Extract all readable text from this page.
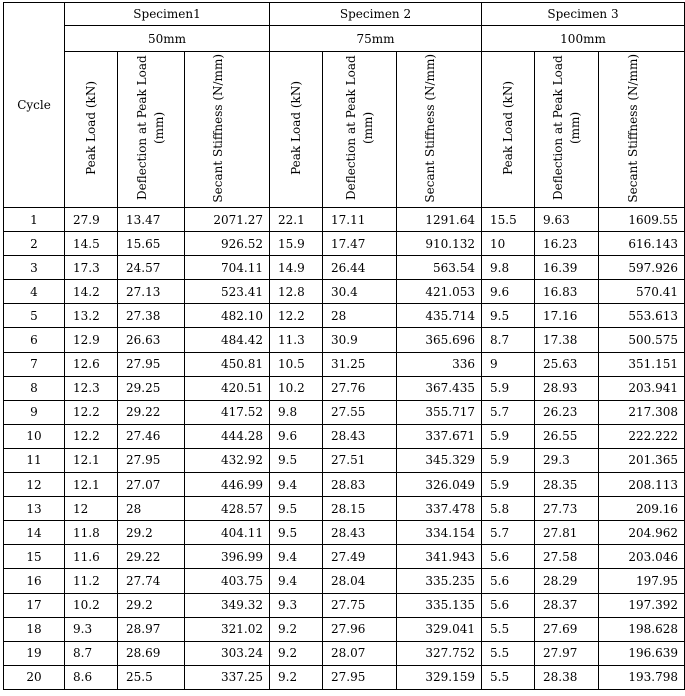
Cycle	Specimen1			Specimen 2			Specimen 3		
	50mm			75mm			100mm		
	Peak Load (kN)	Deflection at Peak Load (mm)	Secant Stiffness (N/mm)	Peak Load (kN)	Deflection at Peak Load (mm)	Secant Stiffness (N/mm)	Peak Load (kN)	Deflection at Peak Load (mm)	Secant Stiffness (N/mm)
1	27.9	13.47	2071.27	22.1	17.11	1291.64	15.5	9.63	1609.55
2	14.5	15.65	926.52	15.9	17.47	910.132	10	16.23	616.143
3	17.3	24.57	704.11	14.9	26.44	563.54	9.8	16.39	597.926
4	14.2	27.13	523.41	12.8	30.4	421.053	9.6	16.83	570.41
5	13.2	27.38	482.10	12.2	28	435.714	9.5	17.16	553.613
6	12.9	26.63	484.42	11.3	30.9	365.696	8.7	17.38	500.575
7	12.6	27.95	450.81	10.5	31.25	336	9	25.63	351.151
8	12.3	29.25	420.51	10.2	27.76	367.435	5.9	28.93	203.941
9	12.2	29.22	417.52	9.8	27.55	355.717	5.7	26.23	217.308
10	12.2	27.46	444.28	9.6	28.43	337.671	5.9	26.55	222.222
11	12.1	27.95	432.92	9.5	27.51	345.329	5.9	29.3	201.365
12	12.1	27.07	446.99	9.4	28.83	326.049	5.9	28.35	208.113
13	12	28	428.57	9.5	28.15	337.478	5.8	27.73	209.16
14	11.8	29.2	404.11	9.5	28.43	334.154	5.7	27.81	204.962
15	11.6	29.22	396.99	9.4	27.49	341.943	5.6	27.58	203.046
16	11.2	27.74	403.75	9.4	28.04	335.235	5.6	28.29	197.95
17	10.2	29.2	349.32	9.3	27.75	335.135	5.6	28.37	197.392
18	9.3	28.97	321.02	9.2	27.96	329.041	5.5	27.69	198.628
19	8.7	28.69	303.24	9.2	28.07	327.752	5.5	27.97	196.639
20	8.6	25.5	337.25	9.2	27.95	329.159	5.5	28.38	193.798
